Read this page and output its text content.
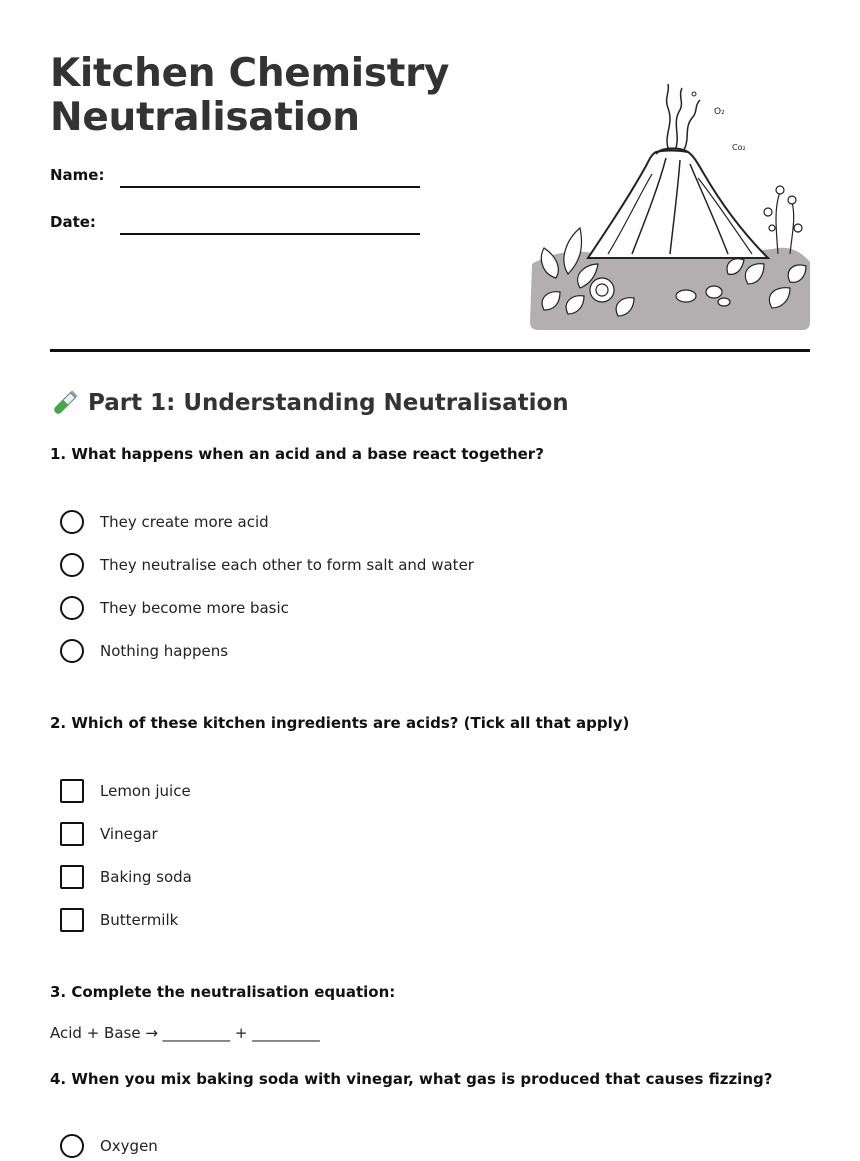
Kitchen Chemistry
Neutralisation
Name:
Date:
O₂
Cᴏ₂
Part 1: Understanding Neutralisation
1. What happens when an acid and a base react together?
They create more acid
They neutralise each other to form salt and water
They become more basic
Nothing happens
2. Which of these kitchen ingredients are acids? (Tick all that apply)
Lemon juice
Vinegar
Baking soda
Buttermilk
3. Complete the neutralisation equation:
Acid + Base → _________ + _________
4. When you mix baking soda with vinegar, what gas is produced that causes fizzing?
Oxygen
